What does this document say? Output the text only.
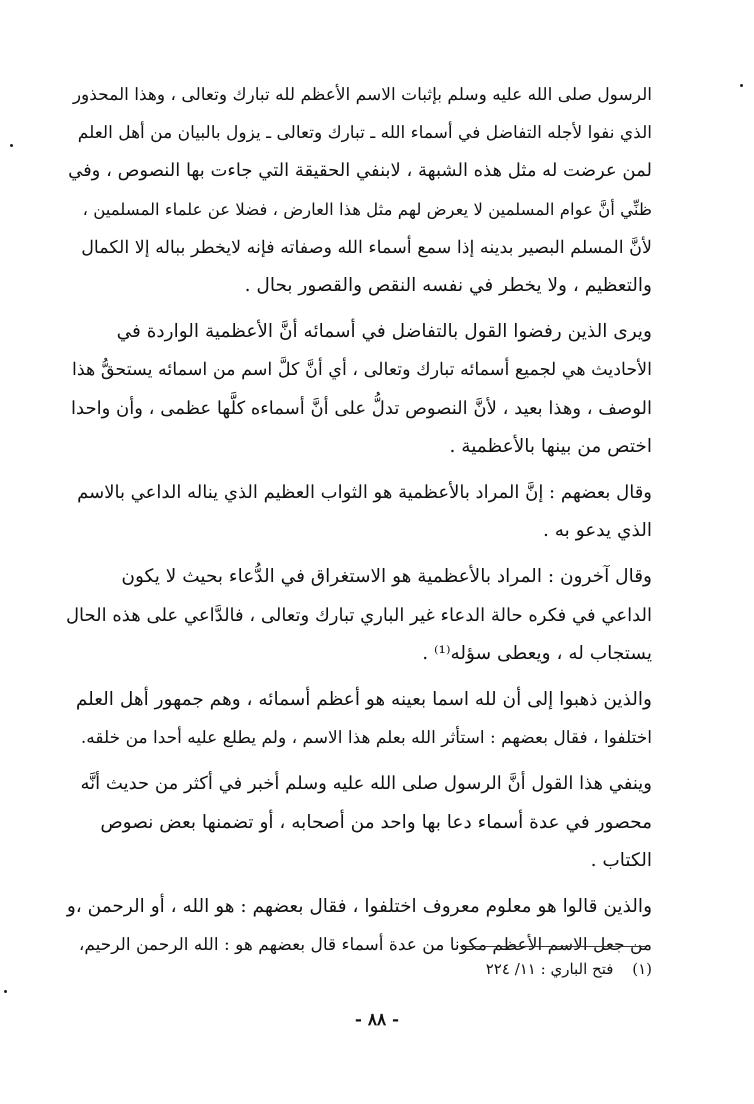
الرسول صلى الله عليه وسلم بإثبات الاسم الأعظم لله تبارك وتعالى ، وهذا المحذور

الذي نفوا لأجله التفاضل في أسماء الله ـ تبارك وتعالى ـ يزول بالبيان من أهل العلم

لمن عرضت له مثل هذه الشبهة ، لابنفي الحقيقة التي جاءت بها النصوص ، وفي

ظنِّي أنَّ عوام المسلمين لا يعرض لهم مثل هذا العارض ، فضلا عن علماء المسلمين ،

لأنَّ المسلم البصير بدينه إذا سمع أسماء الله وصفاته فإنه لايخطر بباله إلا الكمال

والتعظيم ، ولا يخطر في نفسه النقص والقصور بحال .

ويرى الذين رفضوا القول بالتفاضل في أسمائه أنَّ الأعظمية الواردة في

الأحاديث هي لجميع أسمائه تبارك وتعالى ، أي أنَّ كلَّ اسم من اسمائه يستحقُّ هذا

الوصف ، وهذا بعيد ، لأنَّ النصوص تدلُّ على أنَّ أسماءه كلَّها عظمى ، وأن واحدا

اختص من بينها بالأعظمية .

وقال بعضهم : إنَّ المراد بالأعظمية هو الثواب العظيم الذي يناله الداعي بالاسم

الذي يدعو به .

وقال آخرون : المراد بالأعظمية هو الاستغراق في الدُّعاء بحيث لا يكون

الداعي في فكره حالة الدعاء غير الباري تبارك وتعالى ، فالدَّاعي على هذه الحال

يستجاب له ، ويعطى سؤله⁽¹⁾ .

والذين ذهبوا إلى أن لله اسما بعينه هو أعظم أسمائه ، وهم جمهور أهل العلم

اختلفوا ، فقال بعضهم : استأثر الله بعلم هذا الاسم ، ولم يطلع عليه أحدا من خلقه.

وينفي هذا القول أنَّ الرسول صلى الله عليه وسلم أخبر في أكثر من حديث أنَّه

محصور في عدة أسماء دعا بها واحد من أصحابه ، أو تضمنها بعض نصوص

الكتاب .

والذين قالوا هو معلوم معروف اختلفوا ، فقال بعضهم : هو الله ، أو الرحمن ،و

من جعل الاسم الأعظم مكونا من عدة أسماء قال بعضهم هو : الله الرحمن الرحيم،

(١) فتح الباري : ١١/ ٢٢٤
- ٨٨ -
